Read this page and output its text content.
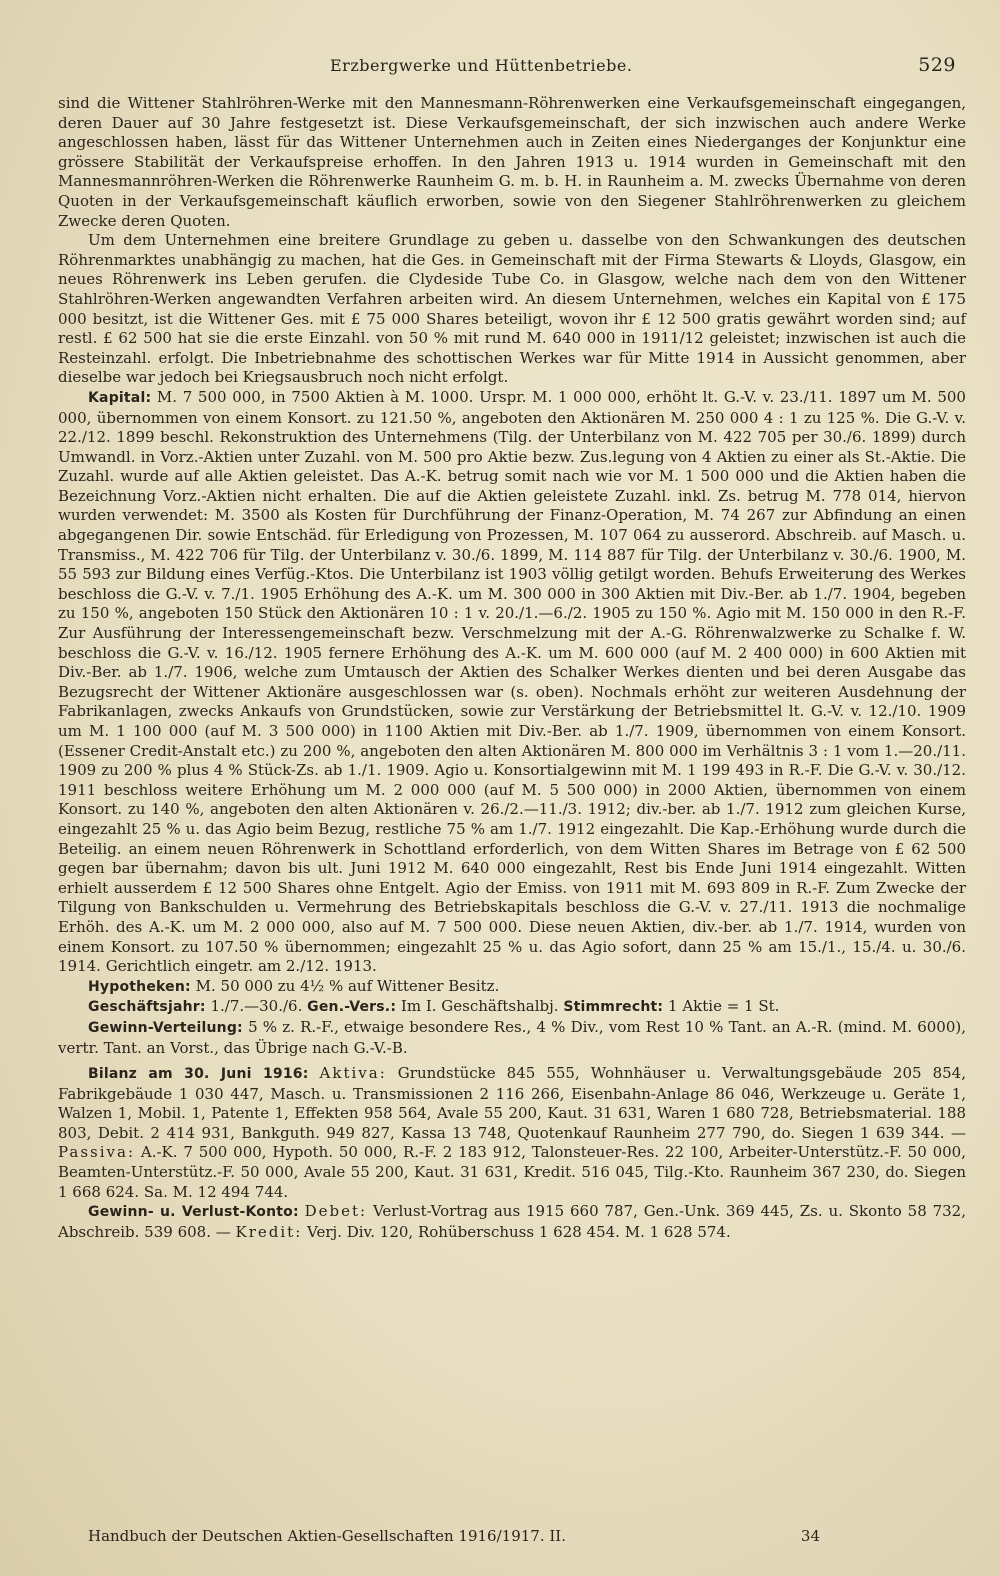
Erzbergwerke und Hüttenbetriebe.	529

sind die Wittener Stahlröhren-Werke mit den Mannesmann-Röhrenwerken eine Verkaufsgemeinschaft eingegangen, deren Dauer auf 30 Jahre festgesetzt ist. Diese Verkaufsgemeinschaft, der sich inzwischen auch andere Werke angeschlossen haben, lässt für das Wittener Unternehmen auch in Zeiten eines Niederganges der Konjunktur eine grössere Stabilität der Verkaufspreise erhoffen. In den Jahren 1913 u. 1914 wurden in Gemeinschaft mit den Mannesmannröhren-Werken die Röhrenwerke Raunheim G. m. b. H. in Raunheim a. M. zwecks Übernahme von deren Quoten in der Verkaufsgemeinschaft käuflich erworben, sowie von den Siegener Stahlröhrenwerken zu gleichem Zwecke deren Quoten.

Um dem Unternehmen eine breitere Grundlage zu geben u. dasselbe von den Schwankungen des deutschen Röhrenmarktes unabhängig zu machen, hat die Ges. in Gemeinschaft mit der Firma Stewarts & Lloyds, Glasgow, ein neues Röhrenwerk ins Leben gerufen. die Clydeside Tube Co. in Glasgow, welche nach dem von den Wittener Stahlröhren-Werken angewandten Verfahren arbeiten wird. An diesem Unternehmen, welches ein Kapital von £ 175 000 besitzt, ist die Wittener Ges. mit £ 75 000 Shares beteiligt, wovon ihr £ 12 500 gratis gewährt worden sind; auf restl. £ 62 500 hat sie die erste Einzahl. von 50 % mit rund M. 640 000 in 1911/12 geleistet; inzwischen ist auch die Resteinzahl. erfolgt. Die Inbetriebnahme des schottischen Werkes war für Mitte 1914 in Aussicht genommen, aber dieselbe war jedoch bei Kriegsausbruch noch nicht erfolgt.

Kapital: M. 7 500 000, in 7500 Aktien à M. 1000. Urspr. M. 1 000 000, erhöht lt. G.-V. v. 23./11. 1897 um M. 500 000, übernommen von einem Konsort. zu 121.50 %, angeboten den Aktionären M. 250 000 4 : 1 zu 125 %. Die G.-V. v. 22./12. 1899 beschl. Rekonstruktion des Unternehmens (Tilg. der Unterbilanz von M. 422 705 per 30./6. 1899) durch Umwandl. in Vorz.-Aktien unter Zuzahl. von M. 500 pro Aktie bezw. Zus.legung von 4 Aktien zu einer als St.-Aktie. Die Zuzahl. wurde auf alle Aktien geleistet. Das A.-K. betrug somit nach wie vor M. 1 500 000 und die Aktien haben die Bezeichnung Vorz.-Aktien nicht erhalten. Die auf die Aktien geleistete Zuzahl. inkl. Zs. betrug M. 778 014, hiervon wurden verwendet: M. 3500 als Kosten für Durchführung der Finanz-Operation, M. 74 267 zur Abfindung an einen abgegangenen Dir. sowie Entschäd. für Erledigung von Prozessen, M. 107 064 zu ausserord. Abschreib. auf Masch. u. Transmiss., M. 422 706 für Tilg. der Unterbilanz v. 30./6. 1899, M. 114 887 für Tilg. der Unterbilanz v. 30./6. 1900, M. 55 593 zur Bildung eines Verfüg.-Ktos. Die Unterbilanz ist 1903 völlig getilgt worden. Behufs Erweiterung des Werkes beschloss die G.-V. v. 7./1. 1905 Erhöhung des A.-K. um M. 300 000 in 300 Aktien mit Div.-Ber. ab 1./7. 1904, begeben zu 150 %, angeboten 150 Stück den Aktionären 10 : 1 v. 20./1.—6./2. 1905 zu 150 %. Agio mit M. 150 000 in den R.-F. Zur Ausführung der Interessengemeinschaft bezw. Verschmelzung mit der A.-G. Röhrenwalzwerke zu Schalke f. W. beschloss die G.-V. v. 16./12. 1905 fernere Erhöhung des A.-K. um M. 600 000 (auf M. 2 400 000) in 600 Aktien mit Div.-Ber. ab 1./7. 1906, welche zum Umtausch der Aktien des Schalker Werkes dienten und bei deren Ausgabe das Bezugsrecht der Wittener Aktionäre ausgeschlossen war (s. oben). Nochmals erhöht zur weiteren Ausdehnung der Fabrikanlagen, zwecks Ankaufs von Grundstücken, sowie zur Verstärkung der Betriebsmittel lt. G.-V. v. 12./10. 1909 um M. 1 100 000 (auf M. 3 500 000) in 1100 Aktien mit Div.-Ber. ab 1./7. 1909, übernommen von einem Konsort. (Essener Credit-Anstalt etc.) zu 200 %, angeboten den alten Aktionären M. 800 000 im Verhältnis 3 : 1 vom 1.—20./11. 1909 zu 200 % plus 4 % Stück-Zs. ab 1./1. 1909. Agio u. Konsortialgewinn mit M. 1 199 493 in R.-F. Die G.-V. v. 30./12. 1911 beschloss weitere Erhöhung um M. 2 000 000 (auf M. 5 500 000) in 2000 Aktien, übernommen von einem Konsort. zu 140 %, angeboten den alten Aktionären v. 26./2.—11./3. 1912; div.-ber. ab 1./7. 1912 zum gleichen Kurse, eingezahlt 25 % u. das Agio beim Bezug, restliche 75 % am 1./7. 1912 eingezahlt. Die Kap.-Erhöhung wurde durch die Beteilig. an einem neuen Röhrenwerk in Schottland erforderlich, von dem Witten Shares im Betrage von £ 62 500 gegen bar übernahm; davon bis ult. Juni 1912 M. 640 000 eingezahlt, Rest bis Ende Juni 1914 eingezahlt. Witten erhielt ausserdem £ 12 500 Shares ohne Entgelt. Agio der Emiss. von 1911 mit M. 693 809 in R.-F. Zum Zwecke der Tilgung von Bankschulden u. Vermehrung des Betriebskapitals beschloss die G.-V. v. 27./11. 1913 die nochmalige Erhöh. des A.-K. um M. 2 000 000, also auf M. 7 500 000. Diese neuen Aktien, div.-ber. ab 1./7. 1914, wurden von einem Konsort. zu 107.50 % übernommen; eingezahlt 25 % u. das Agio sofort, dann 25 % am 15./1., 15./4. u. 30./6. 1914. Gerichtlich eingetr. am 2./12. 1913.

Hypotheken: M. 50 000 zu 4½ % auf Wittener Besitz.

Geschäftsjahr: 1./7.—30./6. Gen.-Vers.: Im I. Geschäftshalbj. Stimmrecht: 1 Aktie = 1 St.

Gewinn-Verteilung: 5 % z. R.-F., etwaige besondere Res., 4 % Div., vom Rest 10 % Tant. an A.-R. (mind. M. 6000), vertr. Tant. an Vorst., das Übrige nach G.-V.-B.

Bilanz am 30. Juni 1916: Aktiva: Grundstücke 845 555, Wohnhäuser u. Verwaltungsgebäude 205 854, Fabrikgebäude 1 030 447, Masch. u. Transmissionen 2 116 266, Eisenbahn-Anlage 86 046, Werkzeuge u. Geräte 1, Walzen 1, Mobil. 1, Patente 1, Effekten 958 564, Avale 55 200, Kaut. 31 631, Waren 1 680 728, Betriebsmaterial. 188 803, Debit. 2 414 931, Bankguth. 949 827, Kassa 13 748, Quotenkauf Raunheim 277 790, do. Siegen 1 639 344. — Passiva: A.-K. 7 500 000, Hypoth. 50 000, R.-F. 2 183 912, Talonsteuer-Res. 22 100, Arbeiter-Unterstütz.-F. 50 000, Beamten-Unterstütz.-F. 50 000, Avale 55 200, Kaut. 31 631, Kredit. 516 045, Tilg.-Kto. Raunheim 367 230, do. Siegen 1 668 624. Sa. M. 12 494 744.

Gewinn- u. Verlust-Konto: Debet: Verlust-Vortrag aus 1915 660 787, Gen.-Unk. 369 445, Zs. u. Skonto 58 732, Abschreib. 539 608. — Kredit: Verj. Div. 120, Rohüberschuss 1 628 454. M. 1 628 574.

Handbuch der Deutschen Aktien-Gesellschaften 1916/1917. II.	34
